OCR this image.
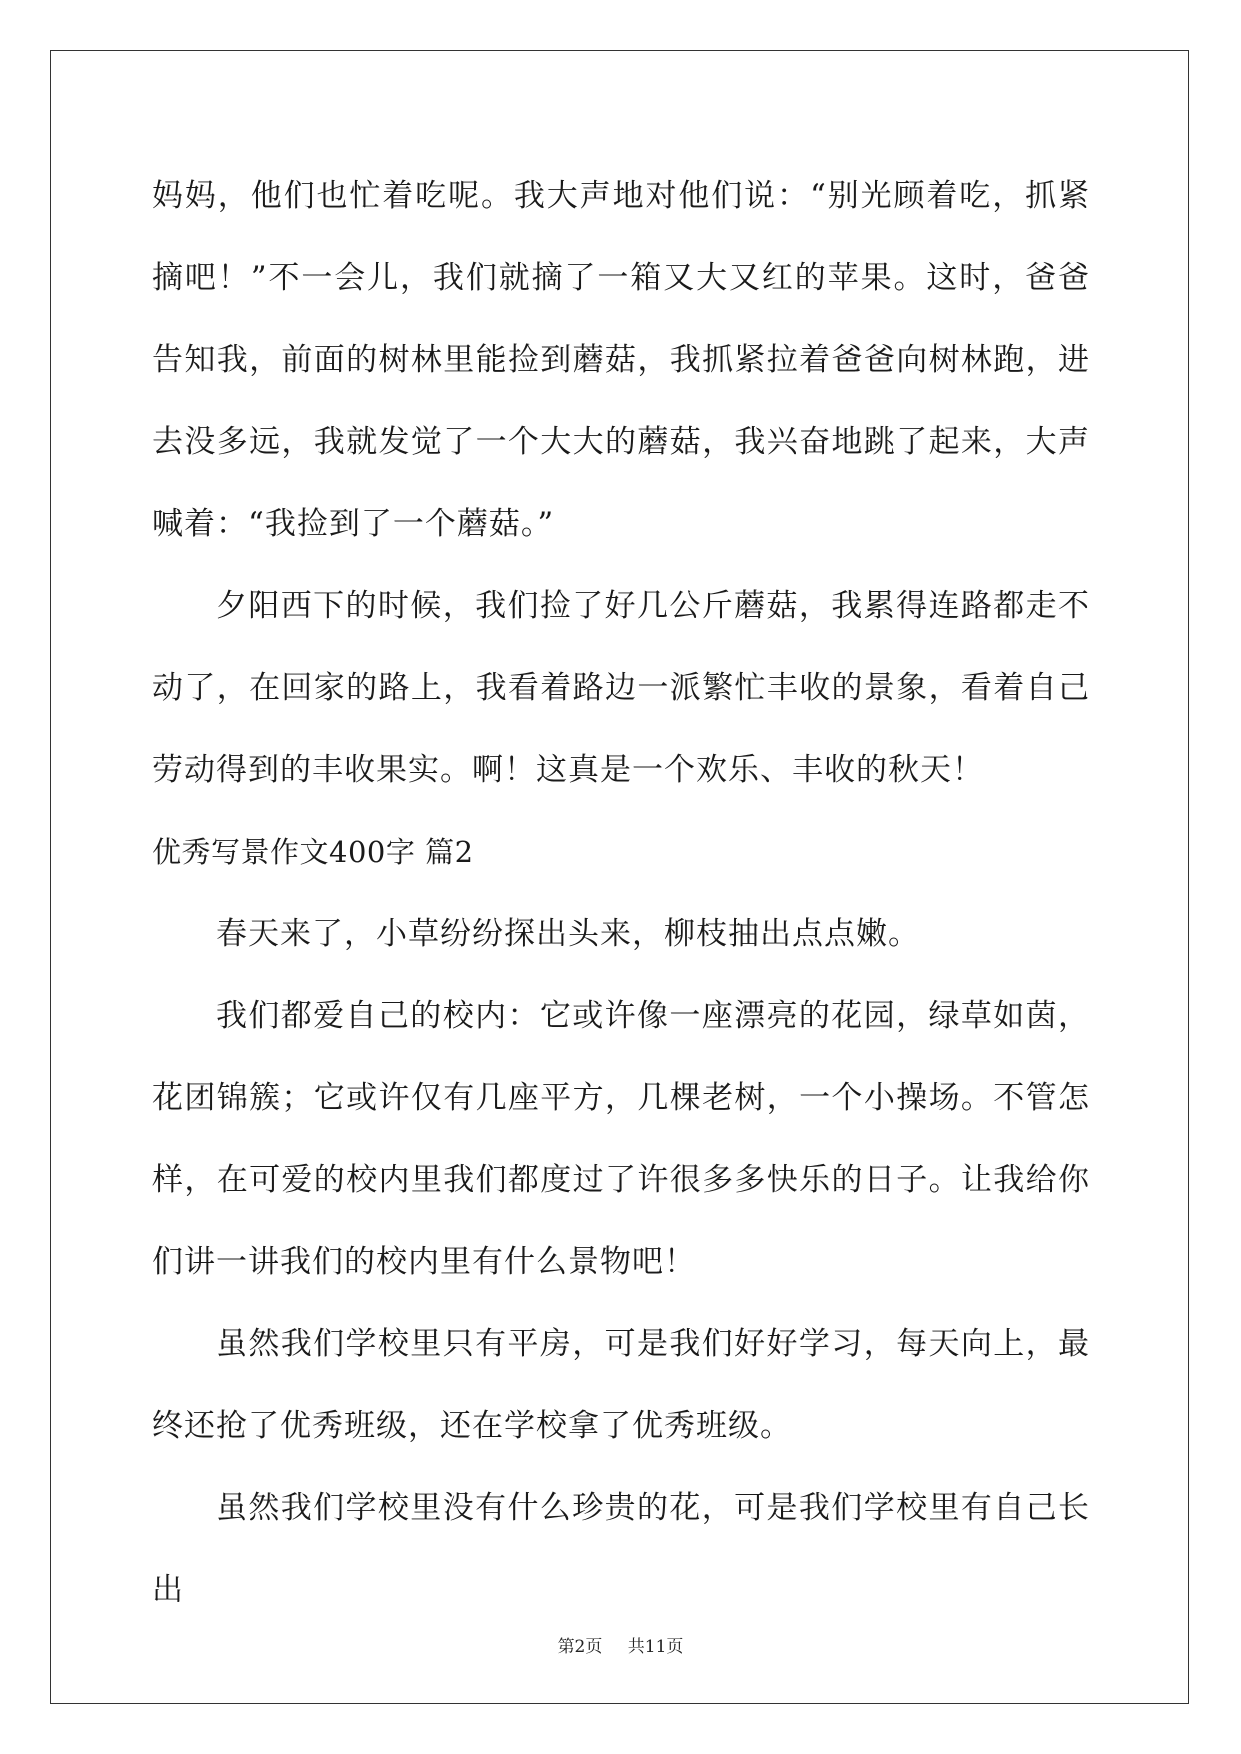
妈妈，他们也忙着吃呢。我大声地对他们说：“别光顾着吃，抓紧摘吧！”不一会儿，我们就摘了一箱又大又红的苹果。这时，爸爸告知我，前面的树林里能捡到蘑菇，我抓紧拉着爸爸向树林跑，进去没多远，我就发觉了一个大大的蘑菇，我兴奋地跳了起来，大声喊着：“我捡到了一个蘑菇。”

夕阳西下的时候，我们捡了好几公斤蘑菇，我累得连路都走不动了，在回家的路上，我看着路边一派繁忙丰收的景象，看着自己劳动得到的丰收果实。啊！这真是一个欢乐、丰收的秋天！

优秀写景作文400字 篇2

春天来了，小草纷纷探出头来，柳枝抽出点点嫩。

我们都爱自己的校内：它或许像一座漂亮的花园，绿草如茵，花团锦簇；它或许仅有几座平方，几棵老树，一个小操场。不管怎样，在可爱的校内里我们都度过了许很多多快乐的日子。让我给你们讲一讲我们的校内里有什么景物吧！

虽然我们学校里只有平房，可是我们好好学习，每天向上，最终还抢了优秀班级，还在学校拿了优秀班级。

虽然我们学校里没有什么珍贵的花，可是我们学校里有自己长出

第2页 共11页
